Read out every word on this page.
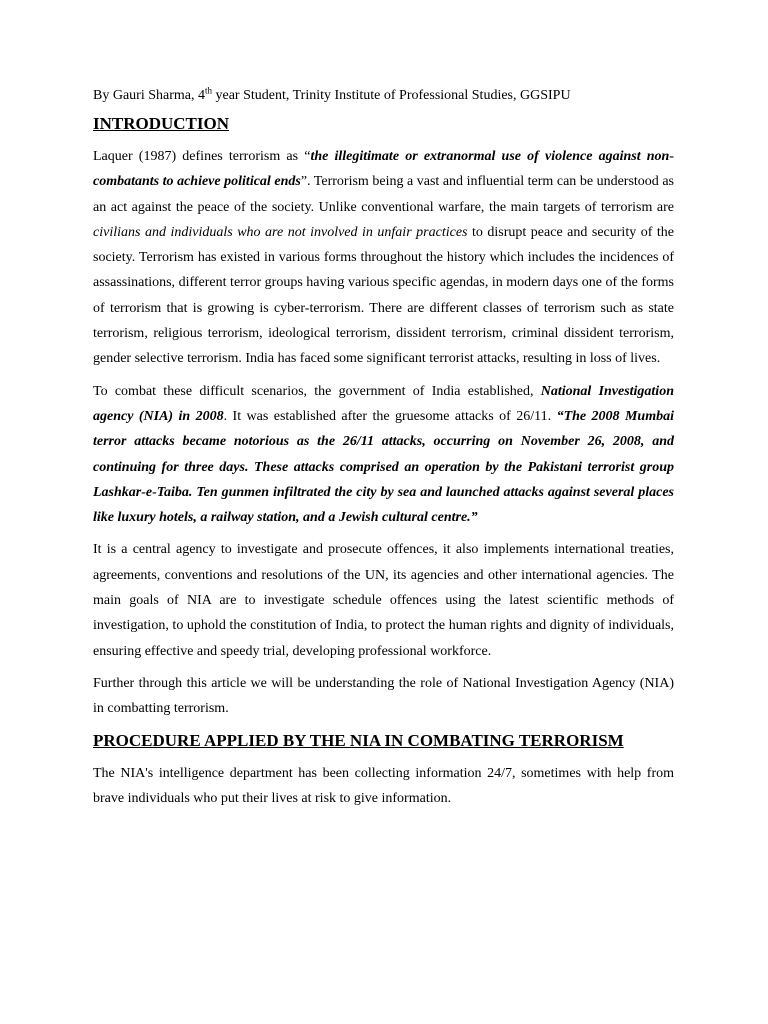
By Gauri Sharma, 4th year Student, Trinity Institute of Professional Studies, GGSIPU
INTRODUCTION

Laquer (1987) defines terrorism as “the illegitimate or extranormal use of violence against non- combatants to achieve political ends”. Terrorism being a vast and influential term can be understood as an act against the peace of the society. Unlike conventional warfare, the main targets of terrorism are civilians and individuals who are not involved in unfair practices to disrupt peace and security of the society. Terrorism has existed in various forms throughout the history which includes the incidences of assassinations, different terror groups having various specific agendas, in modern days one of the forms of terrorism that is growing is cyber-terrorism. There are different classes of terrorism such as state terrorism, religious terrorism, ideological terrorism, dissident terrorism, criminal dissident terrorism, gender selective terrorism. India has faced some significant terrorist attacks, resulting in loss of lives.

To combat these difficult scenarios, the government of India established, National Investigation agency (NIA) in 2008. It was established after the gruesome attacks of 26/11. “The 2008 Mumbai terror attacks became notorious as the 26/11 attacks, occurring on November 26, 2008, and continuing for three days. These attacks comprised an operation by the Pakistani terrorist group Lashkar-e-Taiba. Ten gunmen infiltrated the city by sea and launched attacks against several places like luxury hotels, a railway station, and a Jewish cultural centre.”

It is a central agency to investigate and prosecute offences, it also implements international treaties, agreements, conventions and resolutions of the UN, its agencies and other international agencies. The main goals of NIA are to investigate schedule offences using the latest scientific methods of investigation, to uphold the constitution of India, to protect the human rights and dignity of individuals, ensuring effective and speedy trial, developing professional workforce.

Further through this article we will be understanding the role of National Investigation Agency (NIA) in combatting terrorism.

PROCEDURE APPLIED BY THE NIA IN COMBATING TERRORISM

The NIA's intelligence department has been collecting information 24/7, sometimes with help from brave individuals who put their lives at risk to give information.
